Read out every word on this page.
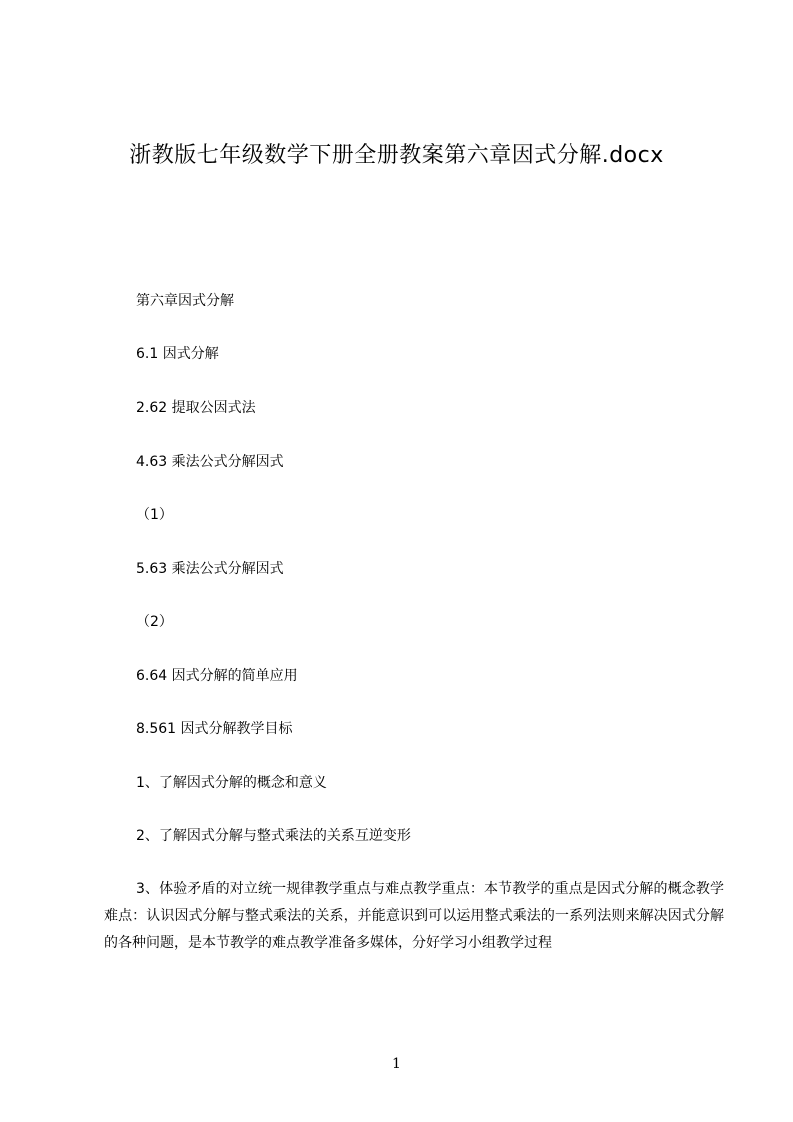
浙教版七年级数学下册全册教案第六章因式分解.docx
第六章因式分解
6.1 因式分解
2.62 提取公因式法
4.63 乘法公式分解因式
（1）
5.63 乘法公式分解因式
（2）
6.64 因式分解的简单应用
8.561 因式分解教学目标
1、了解因式分解的概念和意义
2、了解因式分解与整式乘法的关系互逆变形
3、体验矛盾的对立统一规律教学重点与难点教学重点：本节教学的重点是因式分解的概念教学难点：认识因式分解与整式乘法的关系，并能意识到可以运用整式乘法的一系列法则来解决因式分解的各种问题，是本节教学的难点教学准备多媒体，分好学习小组教学过程
1
